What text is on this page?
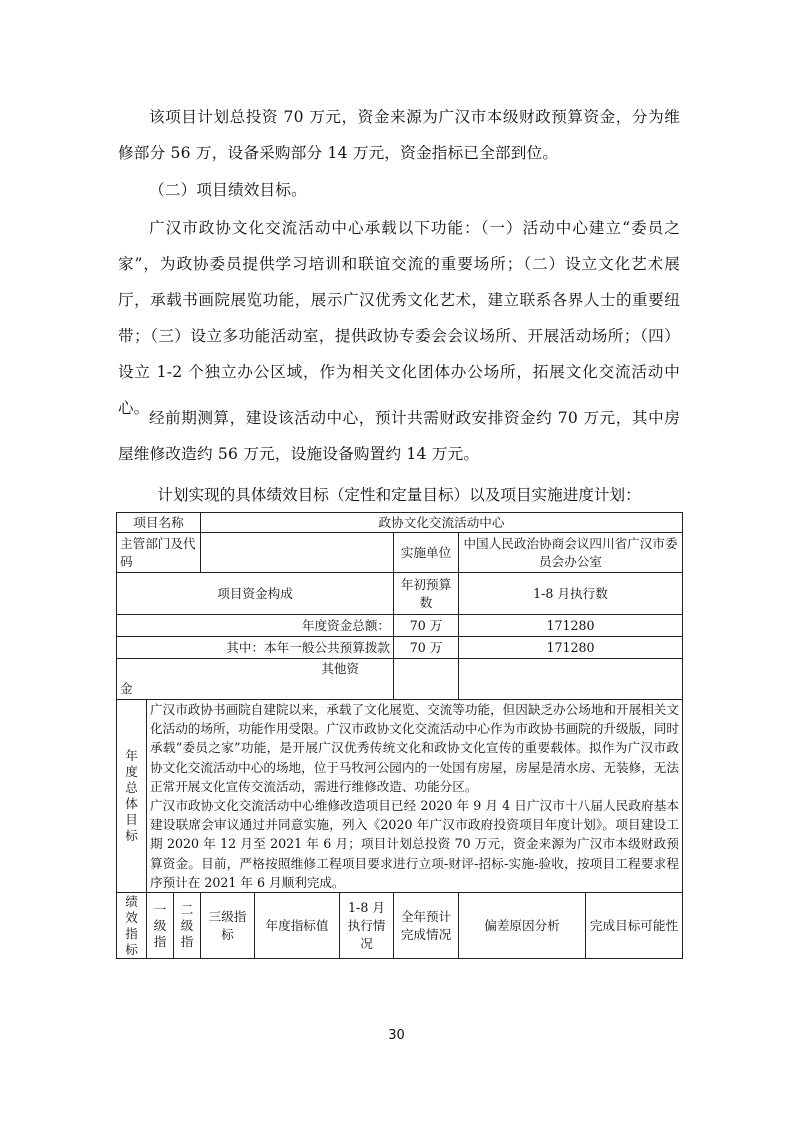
该项目计划总投资 70 万元，资金来源为广汉市本级财政预算资金，分为维修部分 56 万，设备采购部分 14 万元，资金指标已全部到位。

（二）项目绩效目标。

广汉市政协文化交流活动中心承载以下功能：（一）活动中心建立“委员之家”，为政协委员提供学习培训和联谊交流的重要场所；（二）设立文化艺术展厅，承载书画院展览功能，展示广汉优秀文化艺术，建立联系各界人士的重要纽带；（三）设立多功能活动室，提供政协专委会会议场所、开展活动场所；（四）设立 1-2 个独立办公区域，作为相关文化团体办公场所，拓展文化交流活动中心。

经前期测算，建设该活动中心，预计共需财政安排资金约 70 万元，其中房屋维修改造约 56 万元，设施设备购置约 14 万元。

计划实现的具体绩效目标（定性和定量目标）以及项目实施进度计划：

项目名称			政协文化交流活动中心					
主管部门及代码						实施单位	中国人民政治协商会议四川省广汉市委员会办公室	
项目资金构成						年初预算数	1-8 月执行数	
年度资金总额：						70 万	171280	
其中：本年一般公共预算拨款						70 万	171280	

其他资
金								

年度总体目标	广汉市政协书画院自建院以来，承载了文化展览、交流等功能，但因缺乏办公场地和开展相关文化活动的场所，功能作用受限。广汉市政协文化交流活动中心作为市政协书画院的升级版，同时承载“委员之家”功能，是开展广汉优秀传统文化和政协文化宣传的重要载体。拟作为广汉市政协文化交流活动中心的场地，位于马牧河公园内的一处国有房屋，房屋是清水房、无装修，无法正常开展文化宣传交流活动，需进行维修改造、功能分区。
广汉市政协文化交流活动中心维修改造项目已经 2020 年 9 月 4 日广汉市十八届人民政府基本建设联席会审议通过并同意实施，列入《2020 年广汉市政府投资项目年度计划》。项目建设工期 2020 年 12 月至 2021 年 6 月；项目计划总投资 70 万元，资金来源为广汉市本级财政预算资金。目前，严格按照维修工程项目要求进行立项-财评-招标-实施-验收，按项目工程要求程序预计在 2021 年 6 月顺利完成。							

绩效指标	一级指	二级指	三级指标	年度指标值	1-8 月执行情况	全年预计完成情况	偏差原因分析	完成目标可能性
30
